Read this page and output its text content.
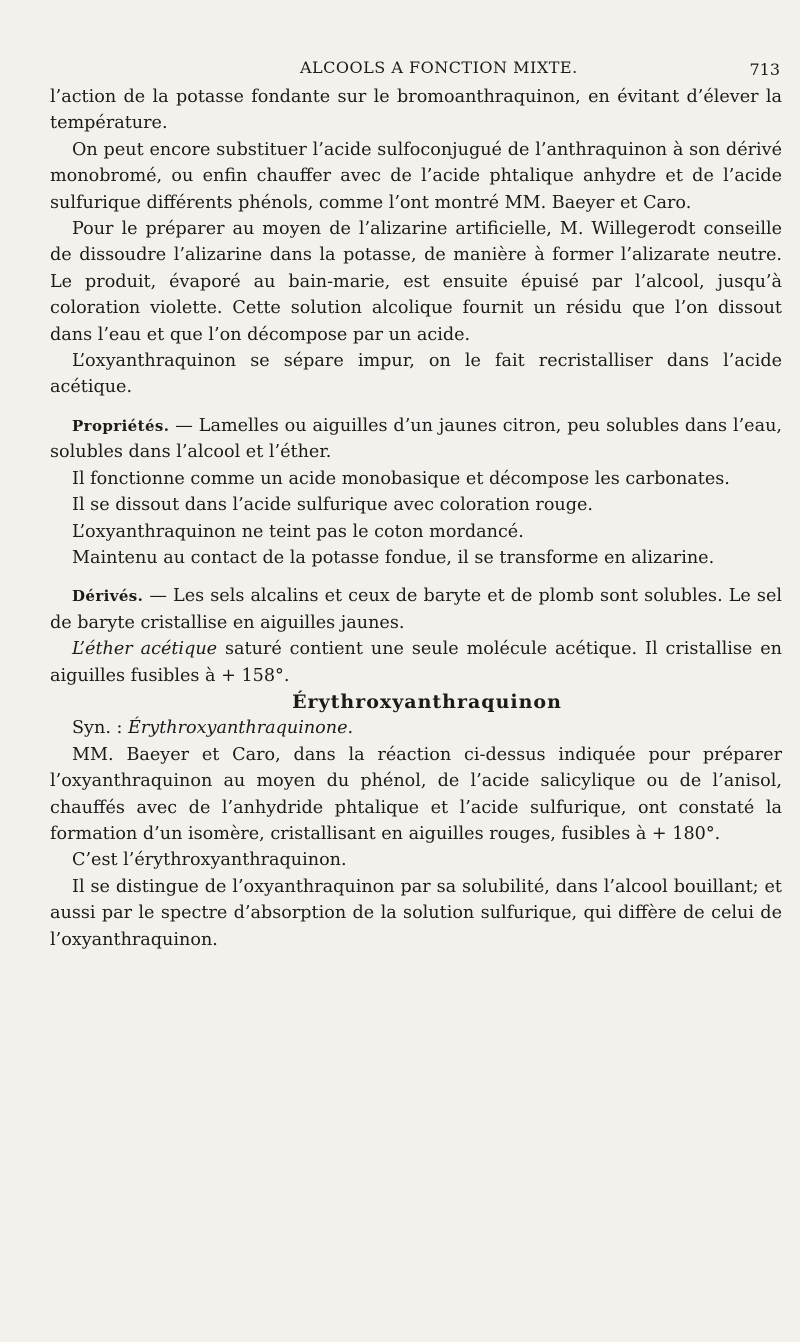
ALCOOLS A FONCTION MIXTE.	713

l’action de la potasse fondante sur le bromoanthraquinon, en évitant d’élever la température.

On peut encore substituer l’acide sulfoconjugué de l’anthraquinon à son dérivé monobromé, ou enfin chauffer avec de l’acide phtalique anhydre et de l’acide sulfurique différents phénols, comme l’ont montré MM. Baeyer et Caro.

Pour le préparer au moyen de l’alizarine artificielle, M. Willegerodt conseille de dissoudre l’alizarine dans la potasse, de manière à former l’alizarate neutre. Le produit, évaporé au bain-marie, est ensuite épuisé par l’alcool, jusqu’à coloration violette. Cette solution alcolique fournit un résidu que l’on dissout dans l’eau et que l’on décompose par un acide.

L’oxyanthraquinon se sépare impur, on le fait recristalliser dans l’acide acétique.

Propriétés. — Lamelles ou aiguilles d’un jaunes citron, peu solubles dans l’eau, solubles dans l’alcool et l’éther.

Il fonctionne comme un acide monobasique et décompose les carbonates.

Il se dissout dans l’acide sulfurique avec coloration rouge.

L’oxyanthraquinon ne teint pas le coton mordancé.

Maintenu au contact de la potasse fondue, il se transforme en alizarine.

Dérivés. — Les sels alcalins et ceux de baryte et de plomb sont solubles. Le sel de baryte cristallise en aiguilles jaunes.

L’éther acétique saturé contient une seule molécule acétique. Il cristallise en aiguilles fusibles à + 158°.

Érythroxyanthraquinon

Syn. : Érythroxyanthraquinone.

MM. Baeyer et Caro, dans la réaction ci-dessus indiquée pour préparer l’oxyanthraquinon au moyen du phénol, de l’acide salicylique ou de l’anisol, chauffés avec de l’anhydride phtalique et l’acide sulfurique, ont constaté la formation d’un isomère, cristallisant en aiguilles rouges, fusibles à + 180°.

C’est l’érythroxyanthraquinon.

Il se distingue de l’oxyanthraquinon par sa solubilité, dans l’alcool bouillant; et aussi par le spectre d’absorption de la solution sulfurique, qui diffère de celui de l’oxyanthraquinon.
